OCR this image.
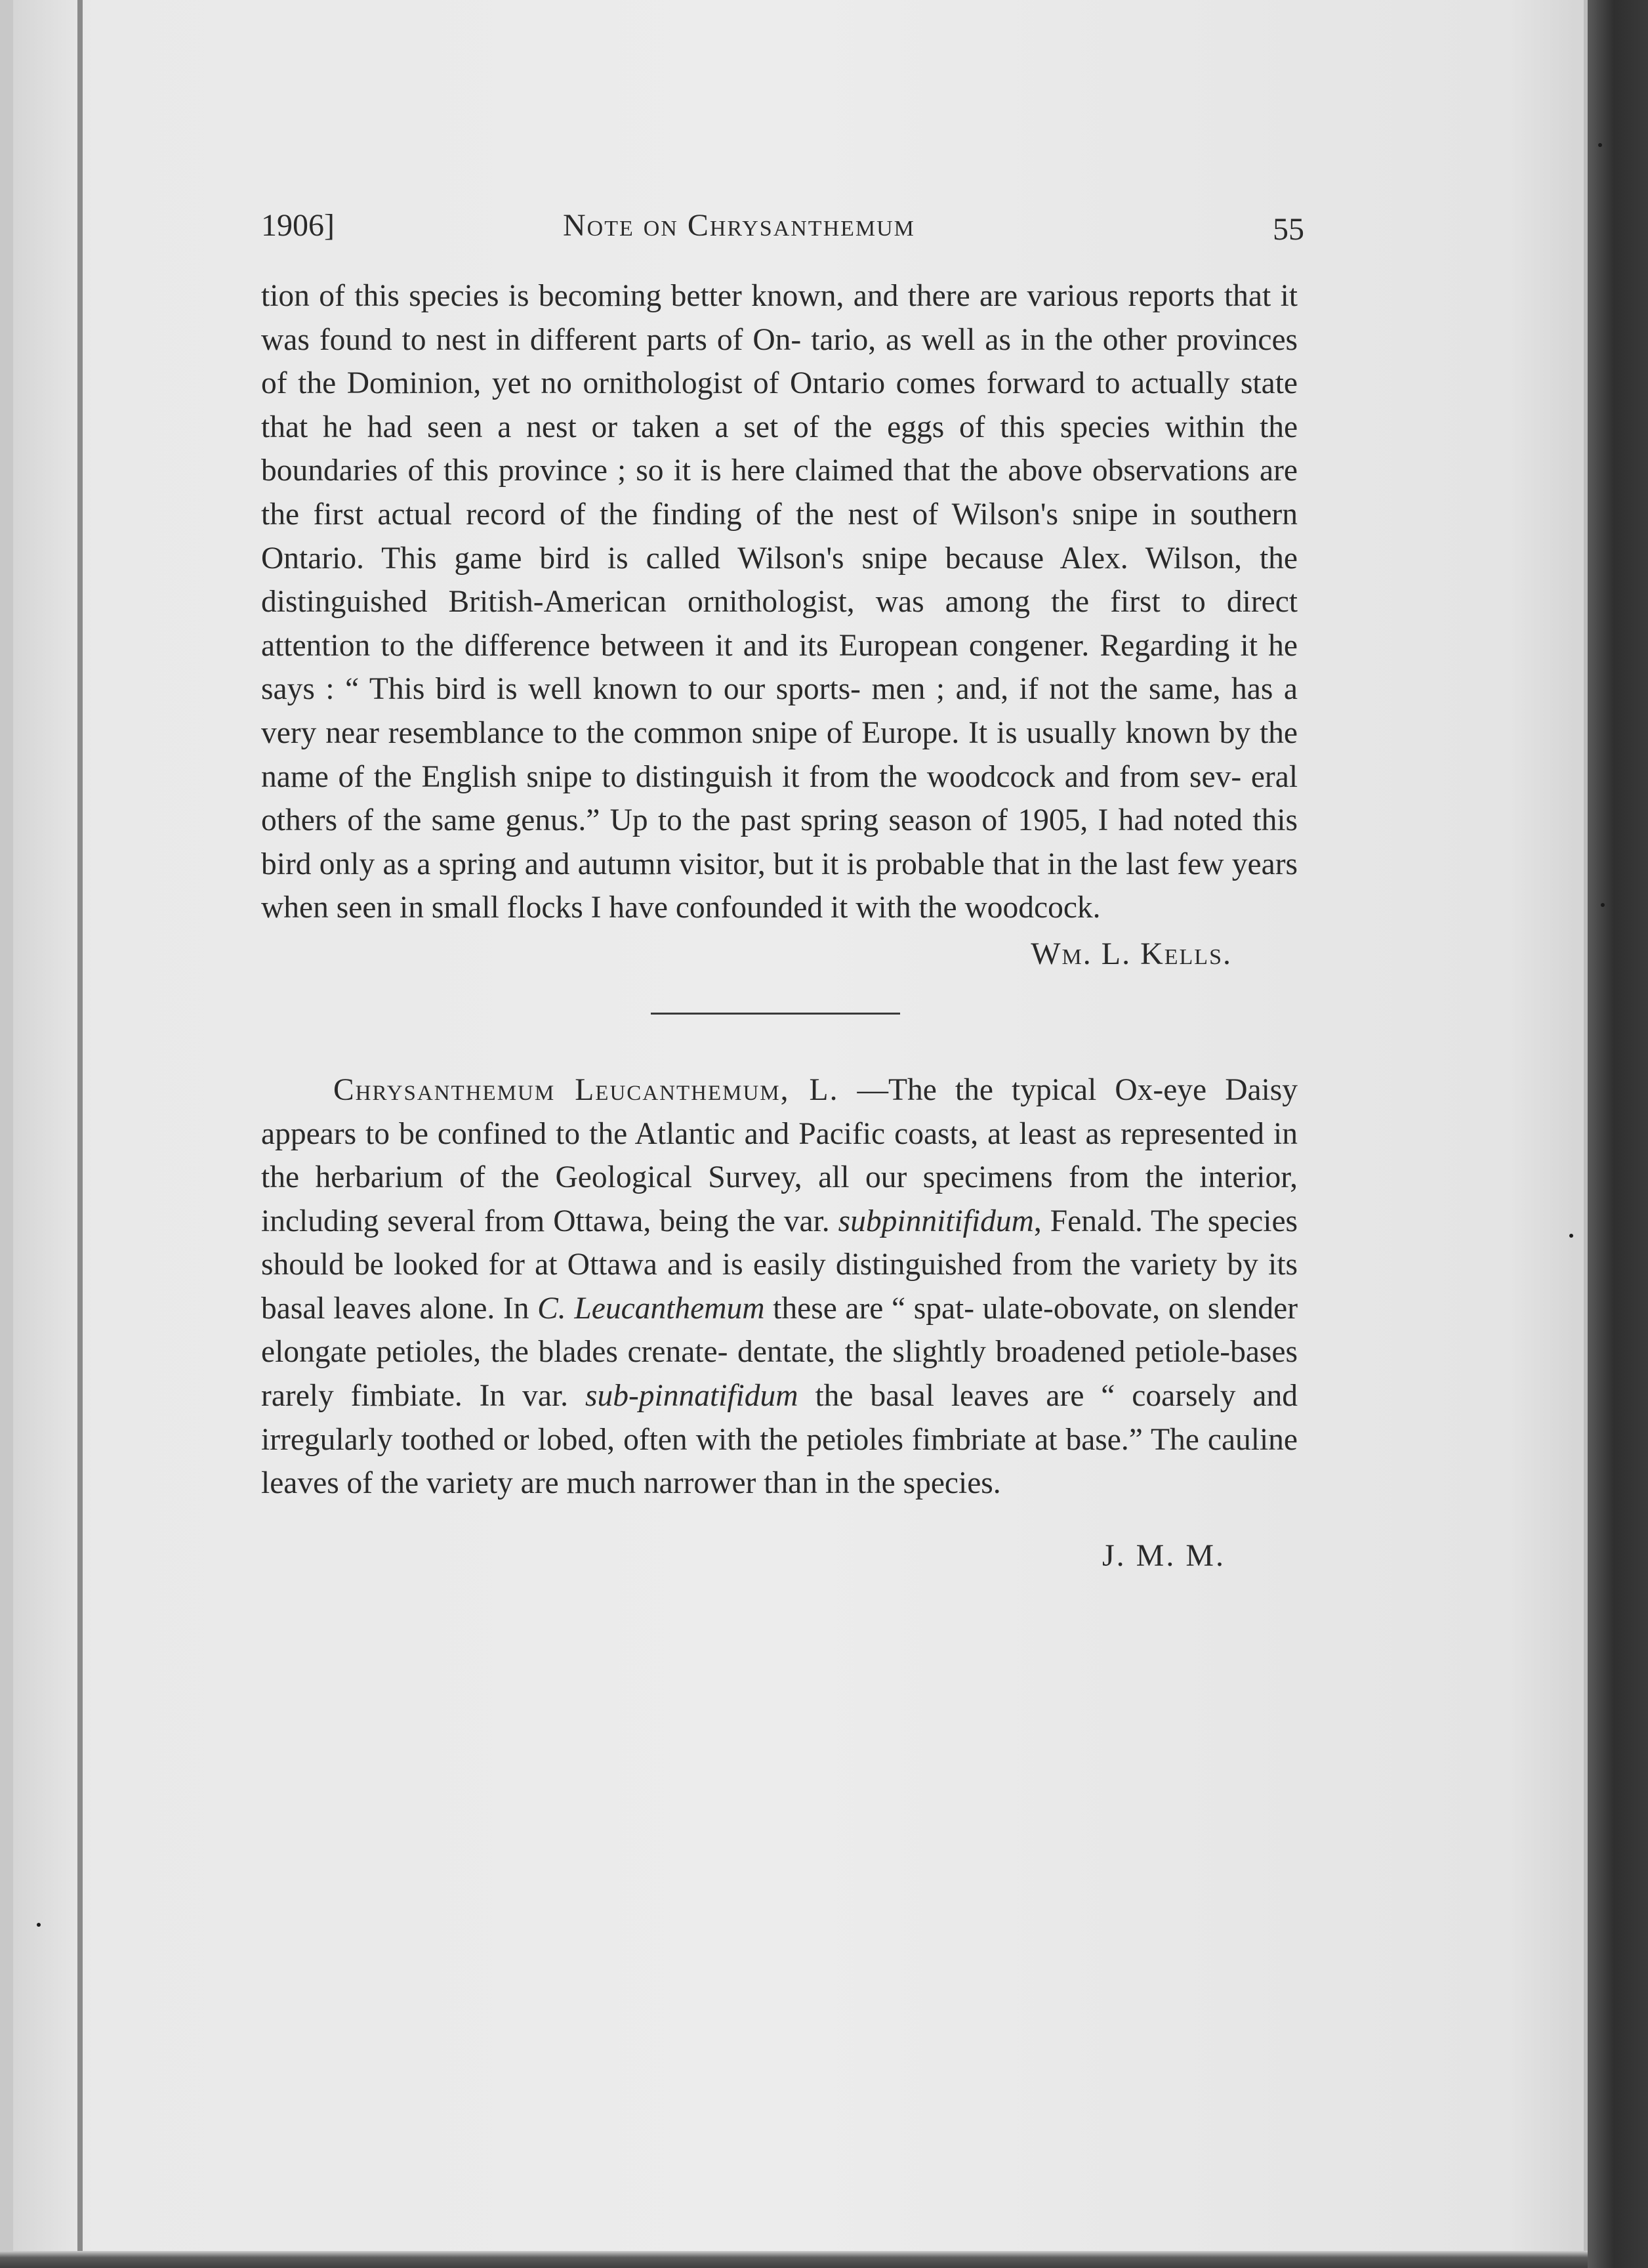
1906]	Note on Chrysanthemum	55

tion of this species is becoming better known, and there are various reports that it was found to nest in different parts of On- tario, as well as in the other provinces of the Dominion, yet no ornithologist of Ontario comes forward to actually state that he had seen a nest or taken a set of the eggs of this species within the boundaries of this province ; so it is here claimed that the above observations are the first actual record of the finding of the nest of Wilson's snipe in southern Ontario. This game bird is called Wilson's snipe because Alex. Wilson, the distinguished British-American ornithologist, was among the first to direct attention to the difference between it and its European congener. Regarding it he says : “ This bird is well known to our sports- men ; and, if not the same, has a very near resemblance to the common snipe of Europe. It is usually known by the name of the English snipe to distinguish it from the woodcock and from sev- eral others of the same genus.” Up to the past spring season of 1905, I had noted this bird only as a spring and autumn visitor, but it is probable that in the last few years when seen in small flocks I have confounded it with the woodcock.

Wm. L. Kells.

Chrysanthemum Leucanthemum, L. —The the typical Ox-eye Daisy appears to be confined to the Atlantic and Pacific coasts, at least as represented in the herbarium of the Geological Survey, all our specimens from the interior, including several from Ottawa, being the var. subpinnitifidum, Fenald. The species should be looked for at Ottawa and is easily distinguished from the variety by its basal leaves alone. In C. Leucanthemum these are “ spat- ulate-obovate, on slender elongate petioles, the blades crenate- dentate, the slightly broadened petiole-bases rarely fimbiate. In var. sub-pinnatifidum the basal leaves are “ coarsely and irregularly toothed or lobed, often with the petioles fimbriate at base.” The cauline leaves of the variety are much narrower than in the species.

J. M. M.
